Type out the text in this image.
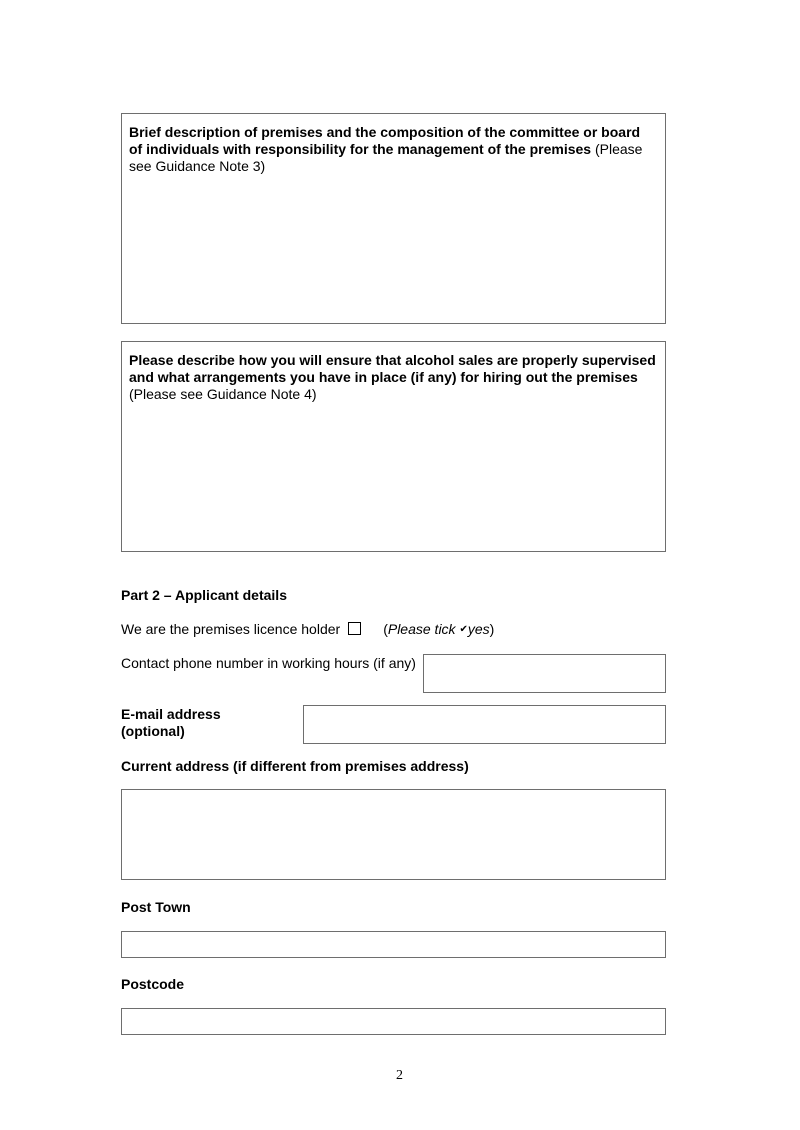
Brief description of premises and the composition of the committee or board of individuals with responsibility for the management of the premises (Please see Guidance Note 3)
Please describe how you will ensure that alcohol sales are properly supervised and what arrangements you have in place (if any) for hiring out the premises (Please see Guidance Note 4)
Part 2 – Applicant details
We are the premises licence holder	(Please tick ✔yes)
Contact phone number in working hours (if any)
E-mail address (optional)
Current address (if different from premises address)
Post Town
Postcode
2
